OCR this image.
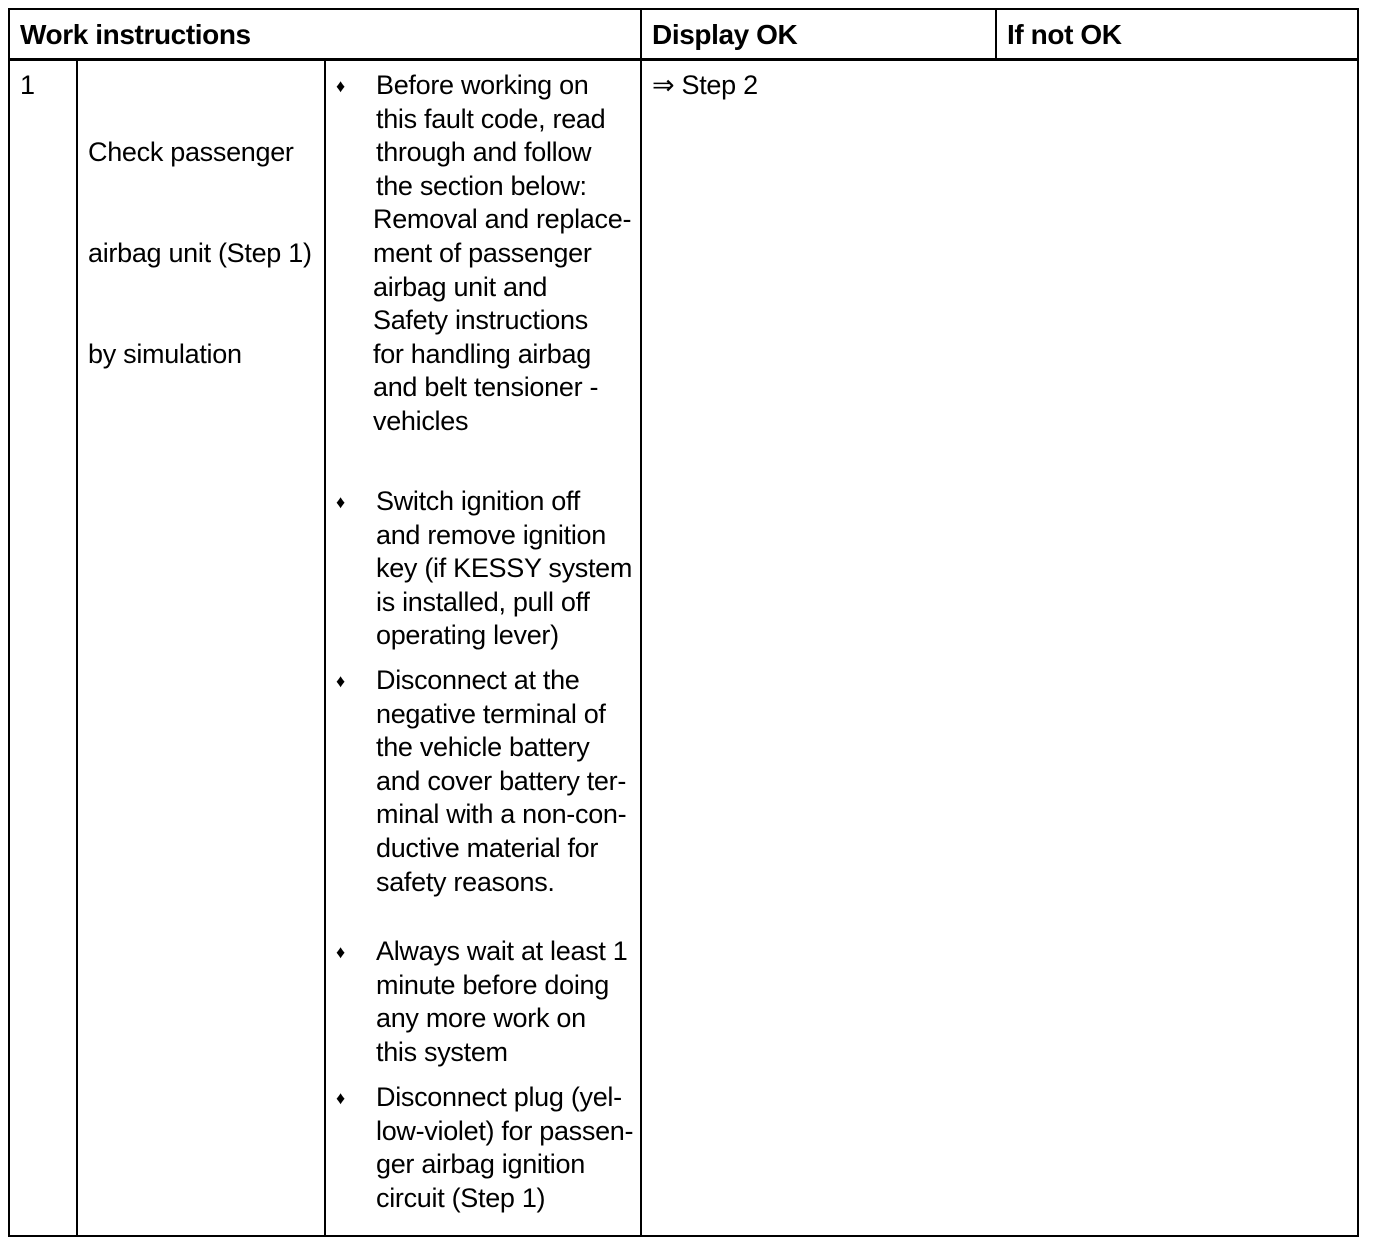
Work instructions	Display OK	If not OK
1

Check passenger

airbag unit (Step 1)

by simulation

⇒ Step 2
♦ Before working on
this fault code, read
through and follow
the section below:
Removal and replace-
ment of passenger
airbag unit and
Safety instructions
for handling airbag
and belt tensioner -
vehicles
♦ Switch ignition off
and remove ignition
key (if KESSY system
is installed, pull off
operating lever)
♦ Disconnect at the
negative terminal of
the vehicle battery
and cover battery ter-
minal with a non-con-
ductive material for
safety reasons.
♦ Always wait at least 1
minute before doing
any more work on
this system
♦ Disconnect plug (yel-
low-violet) for passen-
ger airbag ignition
circuit (Step 1)
